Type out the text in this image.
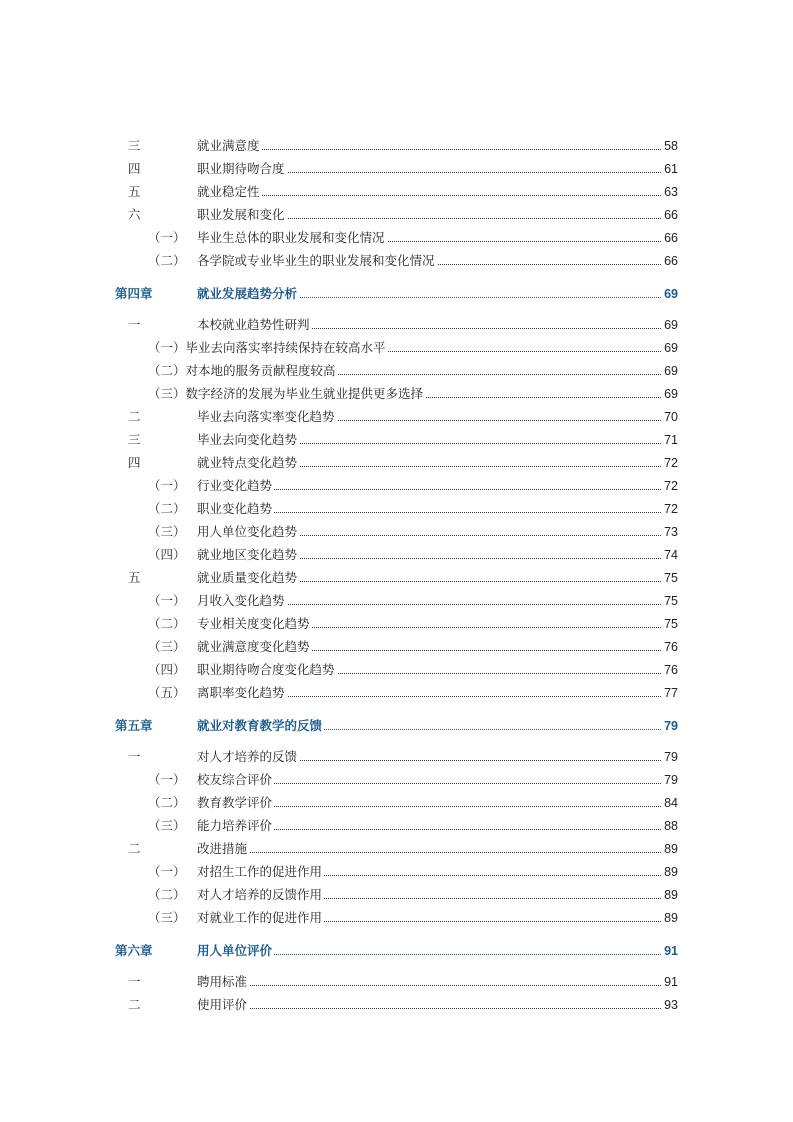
三	就业满意度	58
四	职业期待吻合度	61
五	就业稳定性	63
六	职业发展和变化	66
（一） 毕业生总体的职业发展和变化情况	66
（二） 各学院或专业毕业生的职业发展和变化情况	66
第四章	就业发展趋势分析	69
一	本校就业趋势性研判	69
（一）毕业去向落实率持续保持在较高水平	69
（二）对本地的服务贡献程度较高	69
（三）数字经济的发展为毕业生就业提供更多选择	69
二	毕业去向落实率变化趋势	70
三	毕业去向变化趋势	71
四	就业特点变化趋势	72
（一） 行业变化趋势	72
（二） 职业变化趋势	72
（三） 用人单位变化趋势	73
（四） 就业地区变化趋势	74
五	就业质量变化趋势	75
（一） 月收入变化趋势	75
（二） 专业相关度变化趋势	75
（三） 就业满意度变化趋势	76
（四） 职业期待吻合度变化趋势	76
（五） 离职率变化趋势	77
第五章	就业对教育教学的反馈	79
一	对人才培养的反馈	79
（一） 校友综合评价	79
（二） 教育教学评价	84
（三） 能力培养评价	88
二	改进措施	89
（一） 对招生工作的促进作用	89
（二） 对人才培养的反馈作用	89
（三） 对就业工作的促进作用	89
第六章	用人单位评价	91
一	聘用标准	91
二	使用评价	93
